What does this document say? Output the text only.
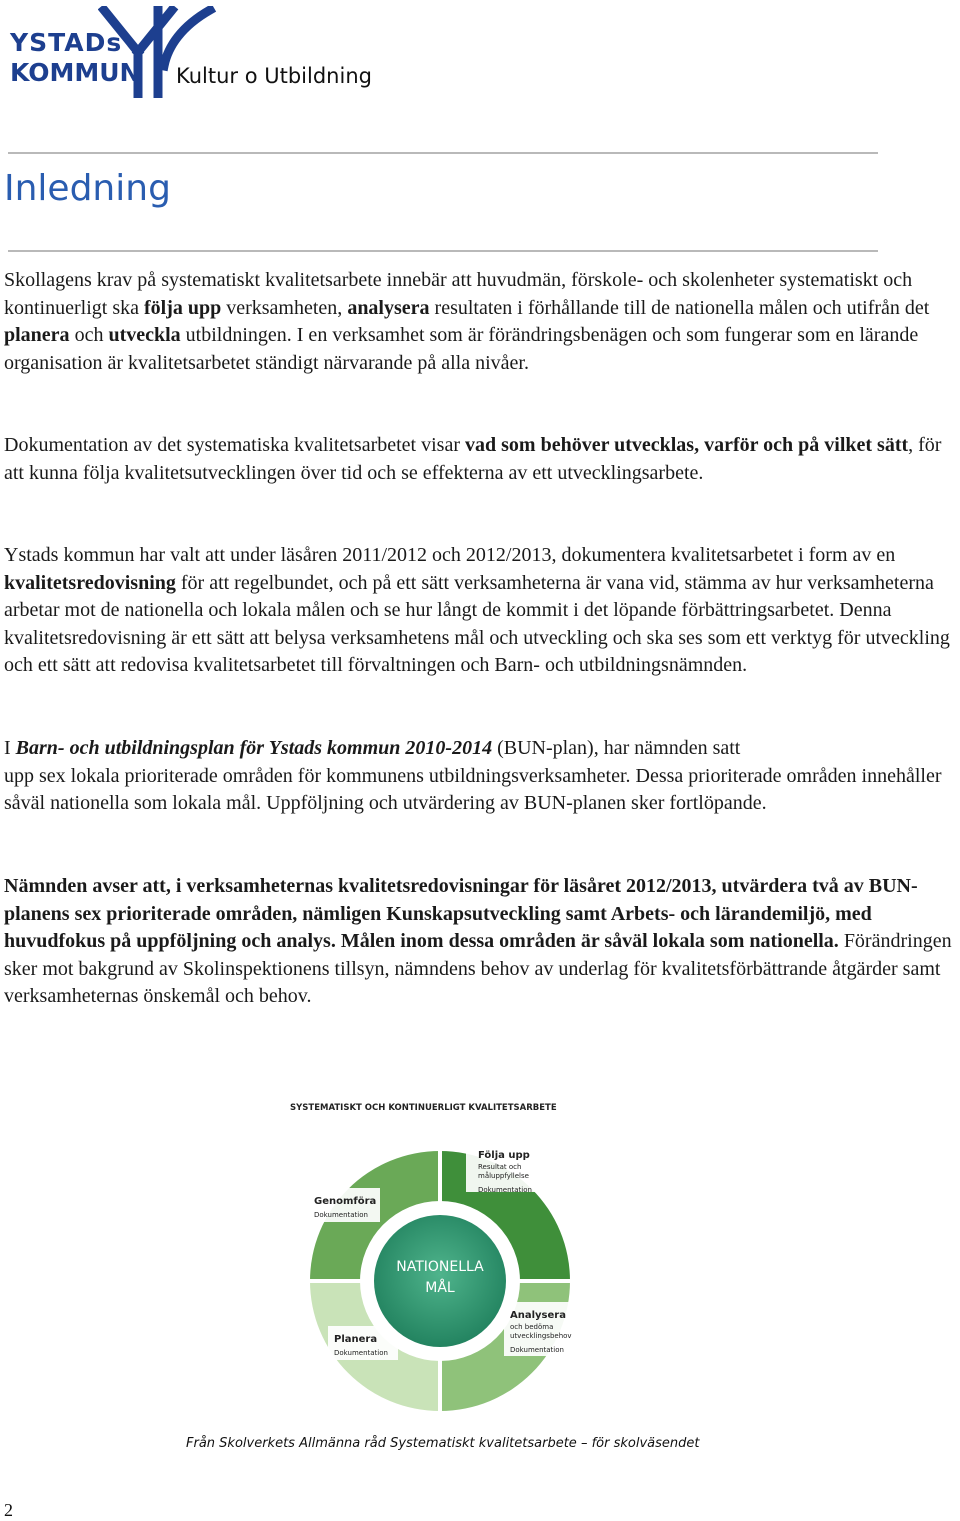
YSTADs
KOMMUN Kultur o Utbildning
Inledning

Skollagens krav på systematiskt kvalitetsarbete innebär att huvudmän, förskole- och skolenheter systematiskt och kontinuerligt ska följa upp verksamheten, analysera resultaten i förhållande till de nationella målen och utifrån det planera och utveckla utbildningen. I en verksamhet som är förändringsbenägen och som fungerar som en lärande organisation är kvalitetsarbetet ständigt närvarande på alla nivåer.

Dokumentation av det systematiska kvalitetsarbetet visar vad som behöver utvecklas, varför och på vilket sätt, för att kunna följa kvalitetsutvecklingen över tid och se effekterna av ett utvecklingsarbete.

Ystads kommun har valt att under läsåren 2011/2012 och 2012/2013, dokumentera kvalitetsarbetet i form av en kvalitetsredovisning för att regelbundet, och på ett sätt verksamheterna är vana vid, stämma av hur verksamheterna arbetar mot de nationella och lokala målen och se hur långt de kommit i det löpande förbättringsarbetet. Denna kvalitetsredovisning är ett sätt att belysa verksamhetens mål och utveckling och ska ses som ett verktyg för utveckling och ett sätt att redovisa kvalitetsarbetet till förvaltningen och Barn- och utbildningsnämnden.

I Barn- och utbildningsplan för Ystads kommun 2010-2014 (BUN-plan), har nämnden satt
upp sex lokala prioriterade områden för kommunens utbildningsverksamheter. Dessa prioriterade områden innehåller såväl nationella som lokala mål. Uppföljning och utvärdering av BUN-planen sker fortlöpande.

Nämnden avser att, i verksamheternas kvalitetsredovisningar för läsåret 2012/2013, utvärdera två av BUN-planens sex prioriterade områden, nämligen Kunskapsutveckling samt Arbets- och lärandemiljö, med huvudfokus på uppföljning och analys. Målen inom dessa områden är såväl lokala som nationella. Förändringen sker mot bakgrund av Skolinspektionens tillsyn, nämndens behov av underlag för kvalitetsförbättrande åtgärder samt verksamheternas önskemål och behov.

SYSTEMATISKT OCH KONTINUERLIGT KVALITETSARBETE
Följa upp
Resultat och
måluppfyllelse
Dokumentation
Genomföra
Dokumentation
Analysera
och bedöma
utvecklingsbehov
Dokumentation
Planera
Dokumentation
NATIONELLA
MÅL
Från Skolverkets Allmänna råd Systematiskt kvalitetsarbete – för skolväsendet
2
